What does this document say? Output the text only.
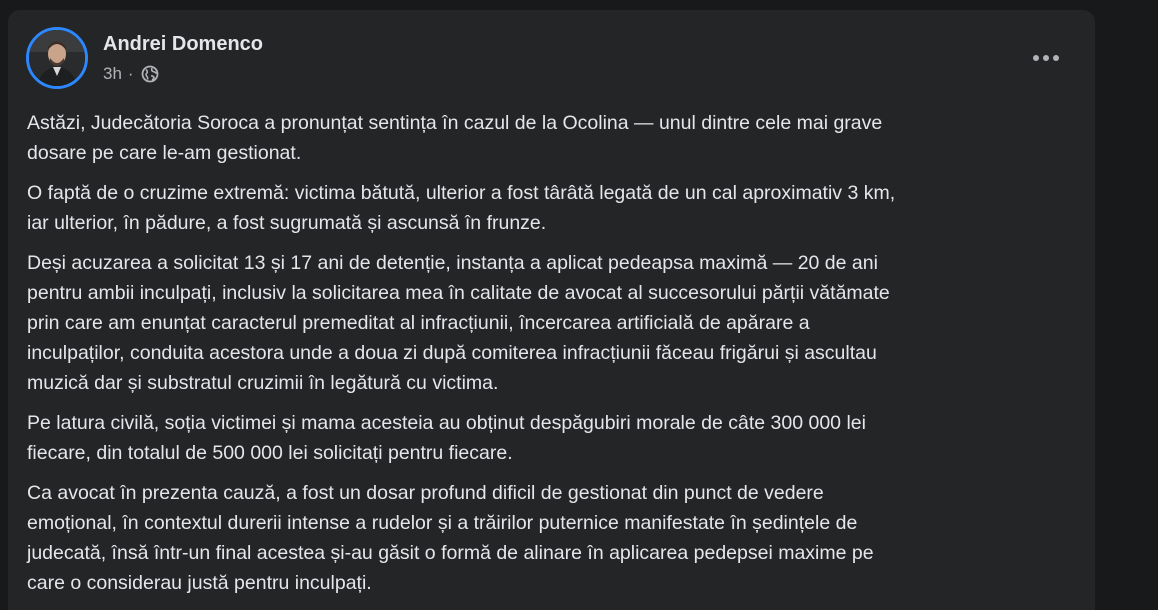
Andrei Domenco
3h ·

Astăzi, Judecătoria Soroca a pronunțat sentința în cazul de la Ocolina — unul dintre cele mai grave
dosare pe care le-am gestionat.

O faptă de o cruzime extremă: victima bătută, ulterior a fost târâtă legată de un cal aproximativ 3 km,
iar ulterior, în pădure, a fost sugrumată și ascunsă în frunze.

Deși acuzarea a solicitat 13 și 17 ani de detenție, instanța a aplicat pedeapsa maximă — 20 de ani
pentru ambii inculpați, inclusiv la solicitarea mea în calitate de avocat al succesorului părții vătămate
prin care am enunțat caracterul premeditat al infracțiunii, încercarea artificială de apărare a
inculpaților, conduita acestora unde a doua zi după comiterea infracțiunii făceau frigărui și ascultau
muzică dar și substratul cruzimii în legătură cu victima.

Pe latura civilă, soția victimei și mama acesteia au obținut despăgubiri morale de câte 300 000 lei
fiecare, din totalul de 500 000 lei solicitați pentru fiecare.

Ca avocat în prezenta cauză, a fost un dosar profund dificil de gestionat din punct de vedere
emoțional, în contextul durerii intense a rudelor și a trăirilor puternice manifestate în ședințele de
judecată, însă într-un final acestea și-au găsit o formă de alinare în aplicarea pedepsei maxime pe
care o considerau justă pentru inculpați.
